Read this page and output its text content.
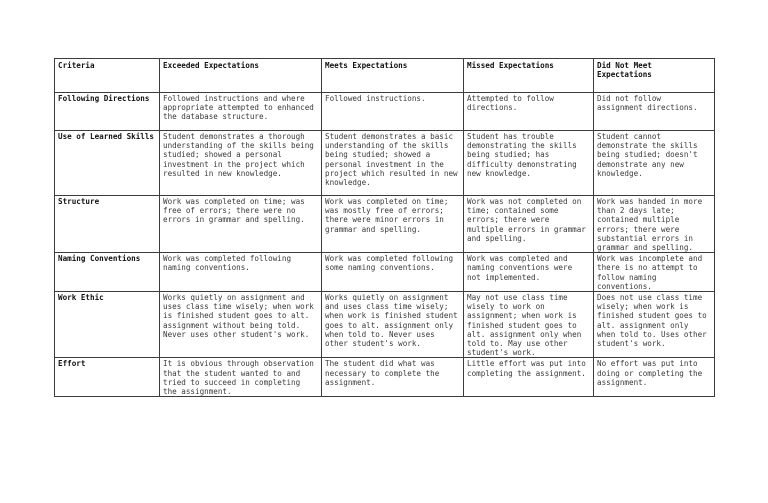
Criteria	Exceeded Expectations	Meets Expectations	Missed Expectations	Did Not Meet Expectations
Following Directions	Followed instructions and where appropriate attempted to enhanced the database structure.	Followed instructions.	Attempted to follow directions.	Did not follow assignment directions.
Use of Learned Skills	Student demonstrates a thorough understanding of the skills being studied; showed a personal investment in the project which resulted in new knowledge.	Student demonstrates a basic understanding of the skills being studied; showed a personal investment in the project which resulted in new knowledge.	Student has trouble demonstrating the skills being studied; has difficulty demonstrating new knowledge.	Student cannot demonstrate the skills being studied; doesn't demonstrate any new knowledge.
Structure	Work was completed on time; was free of errors; there were no errors in grammar and spelling.	Work was completed on time; was mostly free of errors; there were minor errors in grammar and spelling.	Work was not completed on time; contained some errors; there were multiple errors in grammar and spelling.	Work was handed in more than 2 days late; contained multiple errors; there were substantial errors in grammar and spelling.
Naming Conventions	Work was completed following naming conventions.	Work was completed following some naming conventions.	Work was completed and naming conventions were not implemented.	Work was incomplete and there is no attempt to follow naming conventions.
Work Ethic	Works quietly on assignment and uses class time wisely; when work is finished student goes to alt. assignment without being told. Never uses other student's work.	Works quietly on assignment and uses class time wisely; when work is finished student goes to alt. assignment only when told to. Never uses other student's work.	May not use class time wisely to work on assignment; when work is finished student goes to alt. assignment only when told to. May use other student's work.	Does not use class time wisely; when work is finished student goes to alt. assignment only when told to. Uses other student's work.
Effort	It is obvious through observation that the student wanted to and tried to succeed in completing the assignment.	The student did what was necessary to complete the assignment.	Little effort was put into completing the assignment.	No effort was put into doing or completing the assignment.
